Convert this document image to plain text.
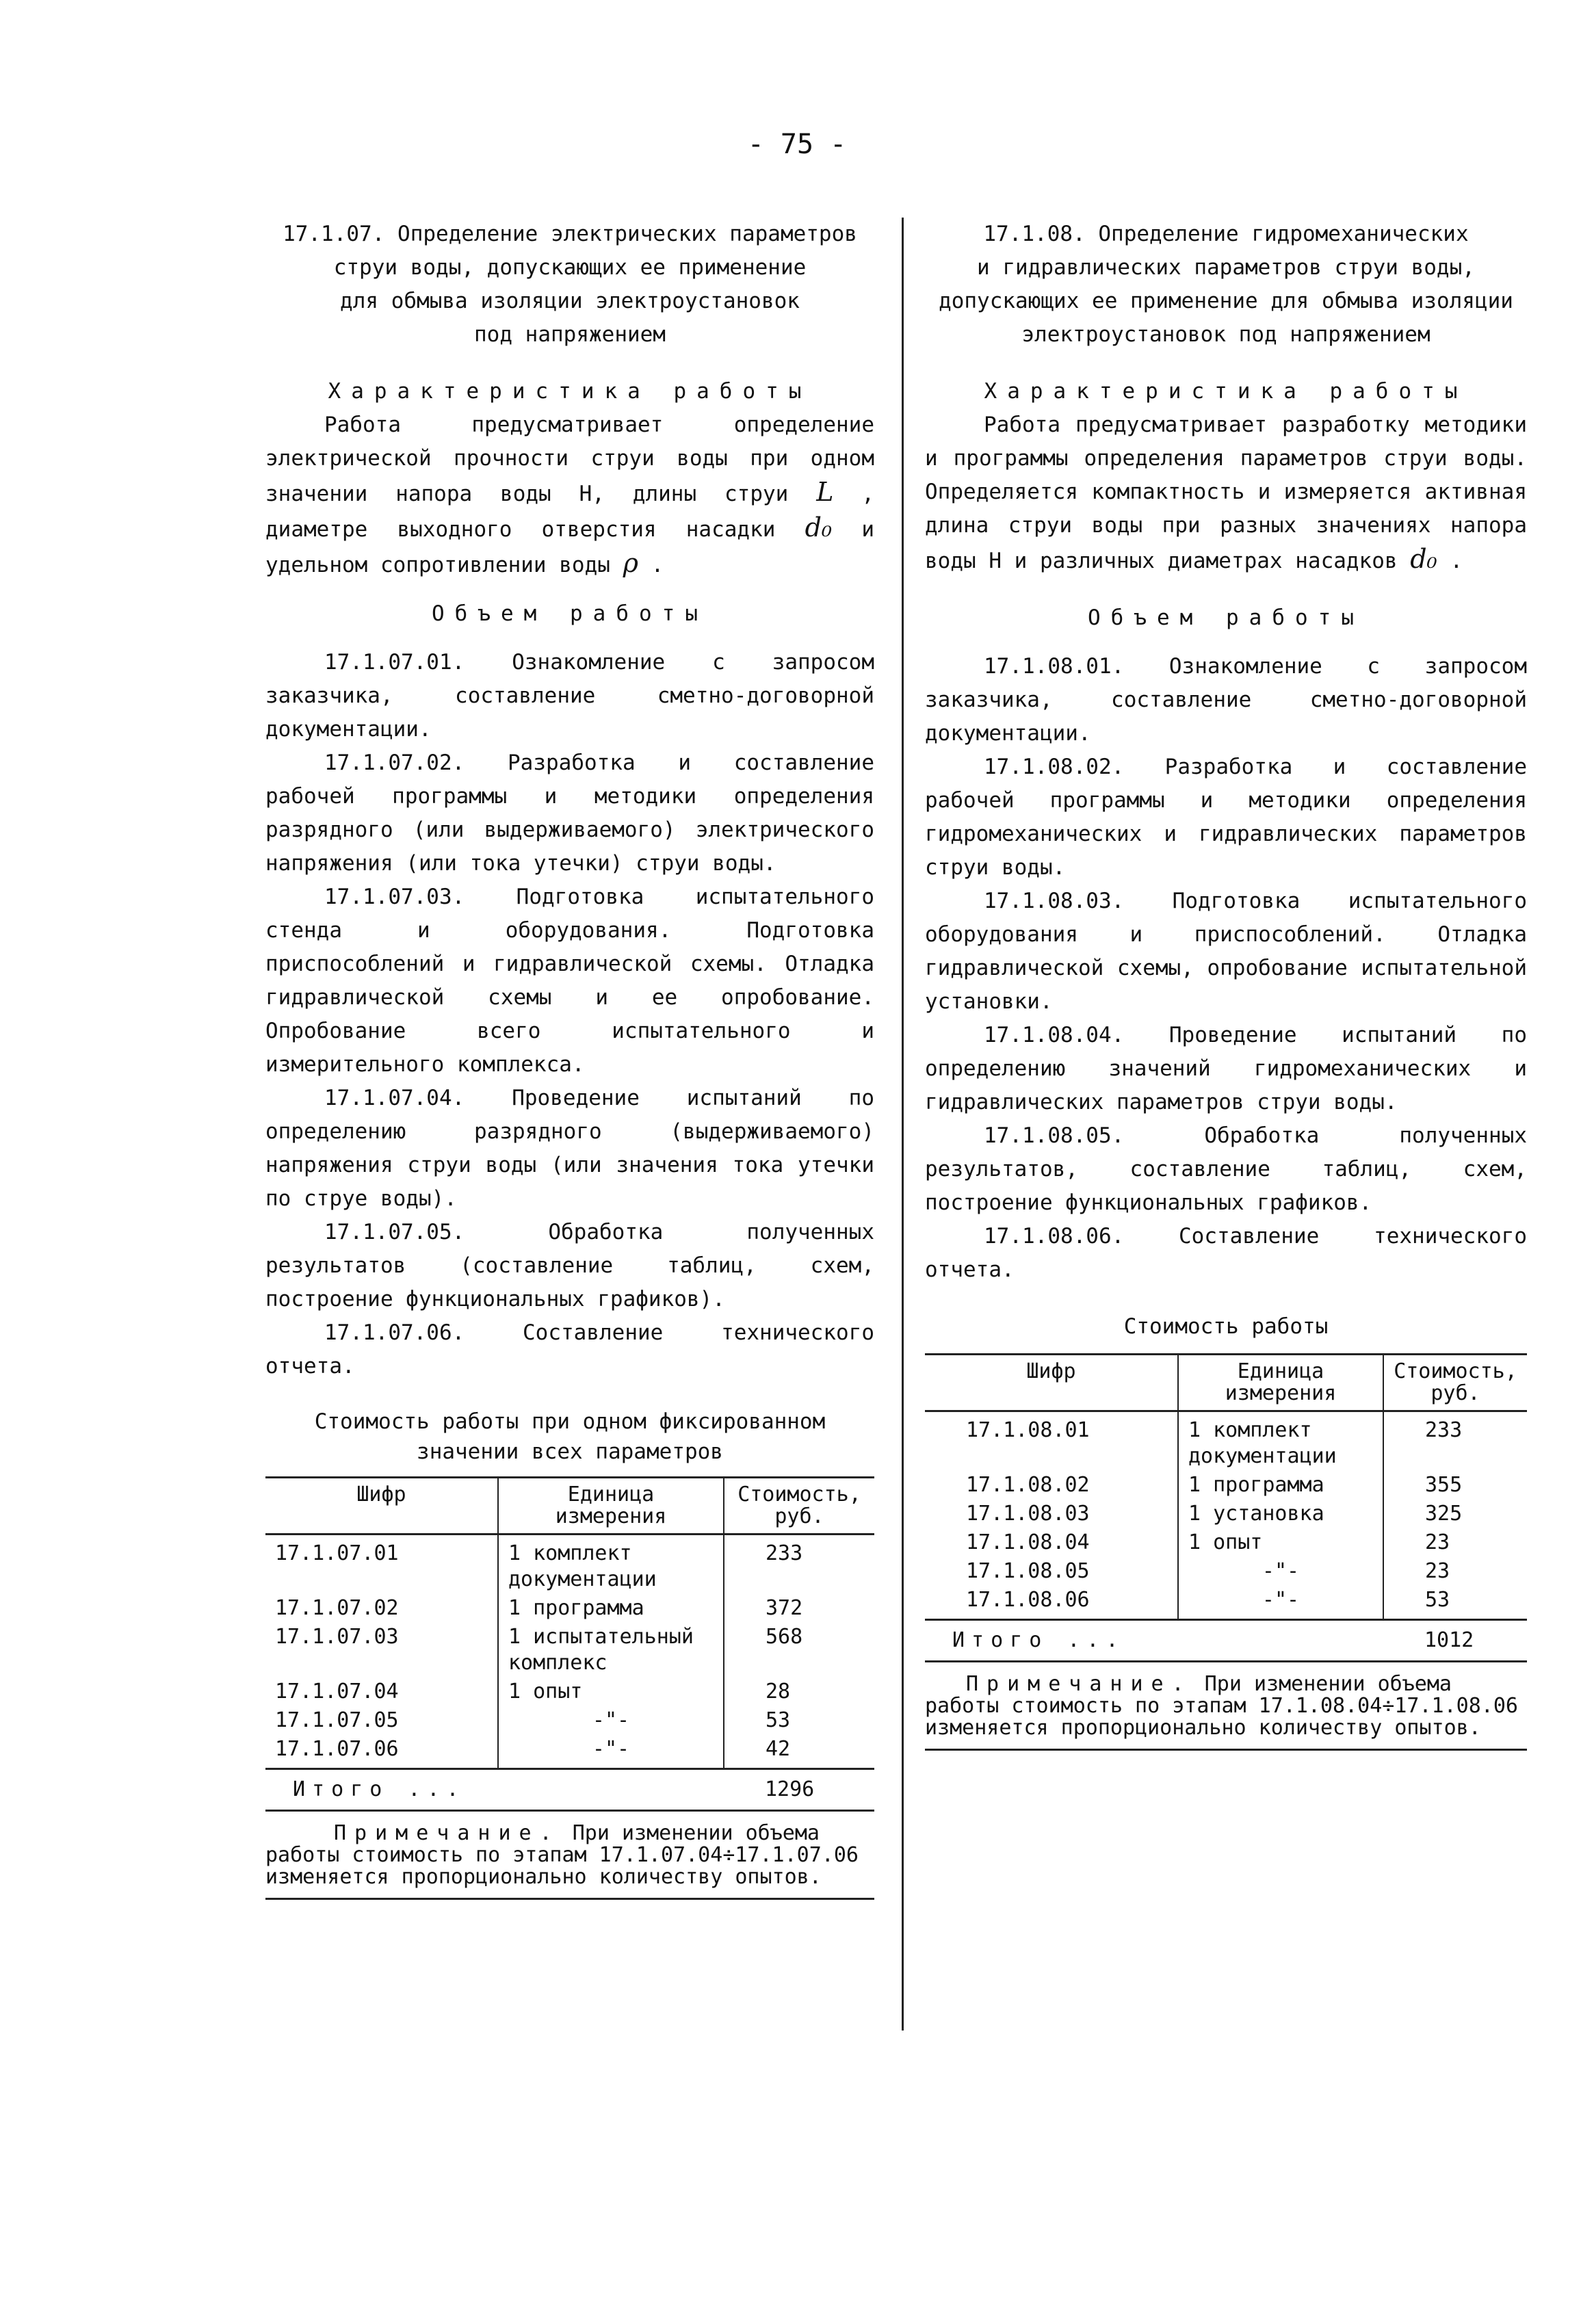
- 75 -
17.1.07. Определение электрических параметров
струи воды, допускающих ее применение
для обмыва изоляции электроустановок
под напряжением
Характеристика работы

Работа предусматривает определение электрической прочности струи воды при одном значении напора воды H, длины струи L , диаметре выходного отверстия насадки d₀ и удельном сопротивлении воды ρ .

Объем работы

17.1.07.01. Ознакомление с запросом заказчика, составление сметно-договорной документации.

17.1.07.02. Разработка и составление рабочей программы и методики определения разрядного (или выдерживаемого) электрического напряжения (или тока утечки) струи воды.

17.1.07.03. Подготовка испытательного стенда и оборудования. Подготовка приспособлений и гидравлической схемы. Отладка гидравлической схемы и ее опробование. Опробование всего испытательного и измерительного комплекса.

17.1.07.04. Проведение испытаний по определению разрядного (выдерживаемого) напряжения струи воды (или значения тока утечки по струе воды).

17.1.07.05. Обработка полученных результатов (составление таблиц, схем, построение функциональных графиков).

17.1.07.06. Составление технического отчета.

Стоимость работы при одном фиксированном
значении всех параметров
Шифр	Единица измерения	Стоимость, руб.
17.1.07.01	1 комплект документации	233
17.1.07.02	1 программа	372
17.1.07.03	1 испытательный комплекс	568
17.1.07.04	1 опыт	28
17.1.07.05	-"-	53
17.1.07.06	-"-	42
Итого ...		1296
Примечание. При изменении объема работы стоимость по этапам 17.1.07.04÷17.1.07.06 изменяется пропорционально количеству опытов.
17.1.08. Определение гидромеханических
и гидравлических параметров струи воды,
допускающих ее применение для обмыва изоляции
электроустановок под напряжением
Характеристика работы

Работа предусматривает разработку методики и программы определения параметров струи воды. Определяется компактность и измеряется активная длина струи воды при разных значениях напора воды H и различных диаметрах насадков d₀ .

Объем работы

17.1.08.01. Ознакомление с запросом заказчика, составление сметно-договорной документации.

17.1.08.02. Разработка и составление рабочей программы и методики определения гидромеханических и гидравлических параметров струи воды.

17.1.08.03. Подготовка испытательного оборудования и приспособлений. Отладка гидравлической схемы, опробование испытательной установки.

17.1.08.04. Проведение испытаний по определению значений гидромеханических и гидравлических параметров струи воды.

17.1.08.05. Обработка полученных результатов, составление таблиц, схем, построение функциональных графиков.

17.1.08.06. Составление технического отчета.

Стоимость работы
Шифр	Единица измерения	Стоимость, руб.
17.1.08.01	1 комплект документации	233
17.1.08.02	1 программа	355
17.1.08.03	1 установка	325
17.1.08.04	1 опыт	23
17.1.08.05	-"-	23
17.1.08.06	-"-	53
Итого ...		1012
Примечание. При изменении объема работы стоимость по этапам 17.1.08.04÷17.1.08.06 изменяется пропорционально количеству опытов.
